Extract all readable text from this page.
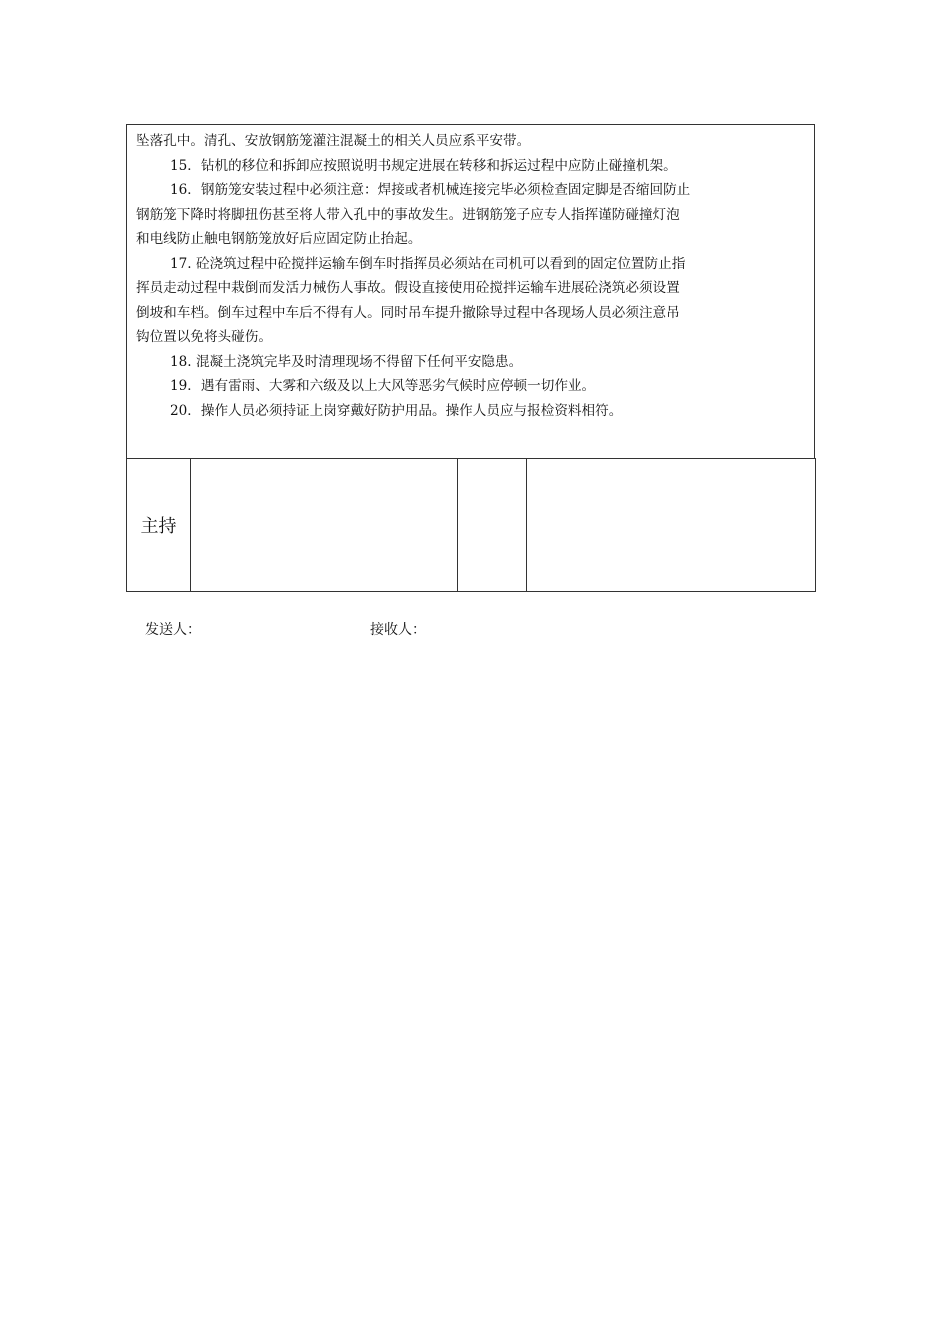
坠落孔中。清孔、安放钢筋笼灌注混凝土的相关人员应系平安带。
15．钻机的移位和拆卸应按照说明书规定进展在转移和拆运过程中应防止碰撞机架。
16．钢筋笼安装过程中必须注意：焊接或者机械连接完毕必须检查固定脚是否缩回防止
钢筋笼下降时将脚扭伤甚至将人带入孔中的事故发生。进钢筋笼子应专人指挥谨防碰撞灯泡
和电线防止触电钢筋笼放好后应固定防止抬起。
17. 砼浇筑过程中砼搅拌运输车倒车时指挥员必须站在司机可以看到的固定位置防止指
挥员走动过程中栽倒而发活力械伤人事故。假设直接使用砼搅拌运输车进展砼浇筑必须设置
倒坡和车档。倒车过程中车后不得有人。同时吊车提升撤除导过程中各现场人员必须注意吊
钩位置以免将头碰伤。
18. 混凝土浇筑完毕及时清理现场不得留下任何平安隐患。
19．遇有雷雨、大雾和六级及以上大风等恶劣气候时应停顿一切作业。
20．操作人员必须持证上岗穿戴好防护用品。操作人员应与报检资料相符。
主持			
发送人：	接收人：
